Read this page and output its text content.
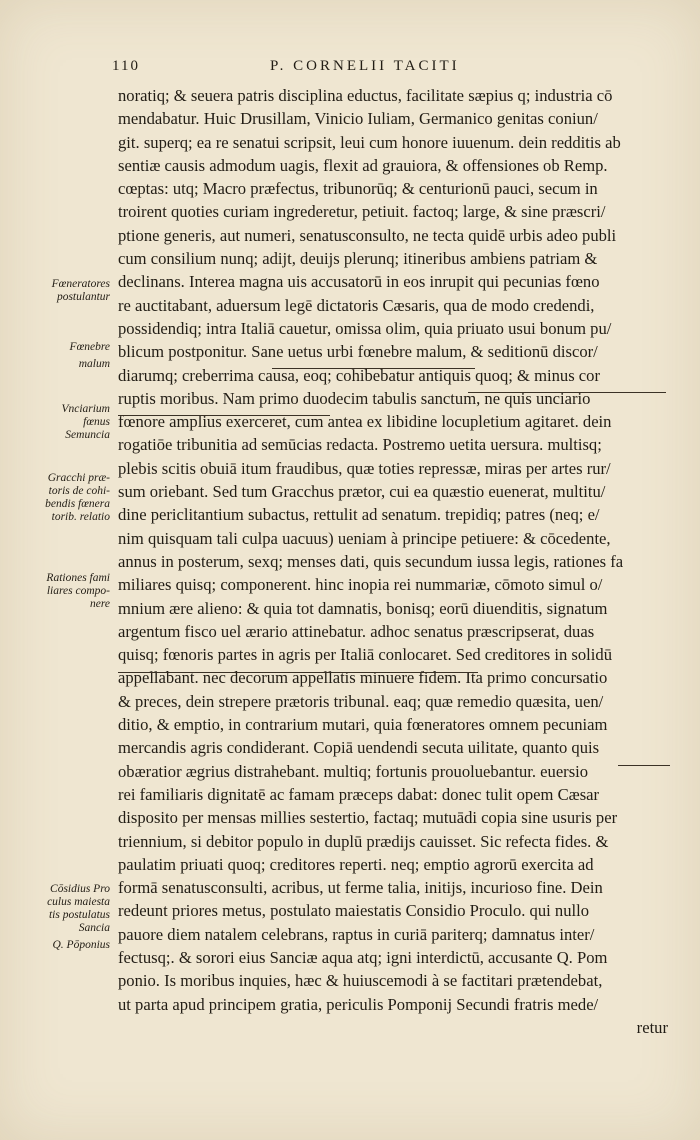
110	P. CORNELII TACITI
Fœneratores
postulantur
Fœnebre
malum
Vnciarium
fœnus
Semuncia
Gracchi præ-
toris de cohi-
bendis fœnera
torib. relatio
Rationes fami
liares compo-
nere
Cōsidius Pro
culus maiesta
tis postulatus
Sancia
Q. Pōponius
noratiq; & seuera patris disciplina eductus, facilitate sæpius q; industria cō
mendabatur. Huic Drusillam, Vinicio Iuliam, Germanico genitas coniun/
git. superq; ea re senatui scripsit, leui cum honore iuuenum. dein redditis ab
sentiæ causis admodum uagis, flexit ad grauiora, & offensiones ob Remp.
cœptas: utq; Macro præfectus, tribunorūq; & centurionū pauci, secum in
troirent quoties curiam ingrederetur, petiuit. factoq; large, & sine præscri/
ptione generis, aut numeri, senatusconsulto, ne tecta quidē urbis adeo publi
cum consilium nunq; adijt, deuijs plerunq; itineribus ambiens patriam &
declinans. Interea magna uis accusatorū in eos inrupit qui pecunias fœno
re auctitabant, aduersum legē dictatoris Cæsaris, qua de modo credendi,
possidendiq; intra Italiā cauetur, omissa olim, quia priuato usui bonum pu/
blicum postponitur. Sane uetus urbi fœnebre malum, & seditionū discor/
diarumq; creberrima causa, eoq; cohibebatur antiquis quoq; & minus cor
ruptis moribus. Nam primo duodecim tabulis sanctum, ne quis unciario
fœnore amplius exerceret, cum antea ex libidine locupletium agitaret. dein
rogatiōe tribunitia ad semūcias redacta. Postremo uetita uersura. multisq;
plebis scitis obuiā itum fraudibus, quæ toties repressæ, miras per artes rur/
sum oriebant. Sed tum Gracchus prætor, cui ea quæstio euenerat, multitu/
dine periclitantium subactus, rettulit ad senatum. trepidiq; patres (neq; e/
nim quisquam tali culpa uacuus) ueniam à principe petiuere: & cōcedente,
annus in posterum, sexq; menses dati, quis secundum iussa legis, rationes fa
miliares quisq; componerent. hinc inopia rei nummariæ, cōmoto simul o/
mnium ære alieno: & quia tot damnatis, bonisq; eorū diuenditis, signatum
argentum fisco uel ærario attinebatur. adhoc senatus præscripserat, duas
quisq; fœnoris partes in agris per Italiā conlocaret. Sed creditores in solidū
appellabant. nec decorum appellatis minuere fidem. Ita primo concursatio
& preces, dein strepere prætoris tribunal. eaq; quæ remedio quæsita, uen/
ditio, & emptio, in contrarium mutari, quia fœneratores omnem pecuniam
mercandis agris condiderant. Copiā uendendi secuta uilitate, quanto quis
obæratior ægrius distrahebant. multiq; fortunis prouoluebantur. euersio
rei familiaris dignitatē ac famam præceps dabat: donec tulit opem Cæsar
disposito per mensas millies sestertio, factaq; mutuādi copia sine usuris per
triennium, si debitor populo in duplū prædijs cauisset. Sic refecta fides. &
paulatim priuati quoq; creditores reperti. neq; emptio agrorū exercita ad
formā senatusconsulti, acribus, ut ferme talia, initijs, incurioso fine. Dein
redeunt priores metus, postulato maiestatis Considio Proculo. qui nullo
pauore diem natalem celebrans, raptus in curiā pariterq; damnatus inter/
fectusq;. & sorori eius Sanciæ aqua atq; igni interdictū, accusante Q. Pom
ponio. Is moribus inquies, hæc & huiuscemodi à se factitari prætendebat,
ut parta apud principem gratia, periculis Pomponij Secundi fratris mede/
retur
